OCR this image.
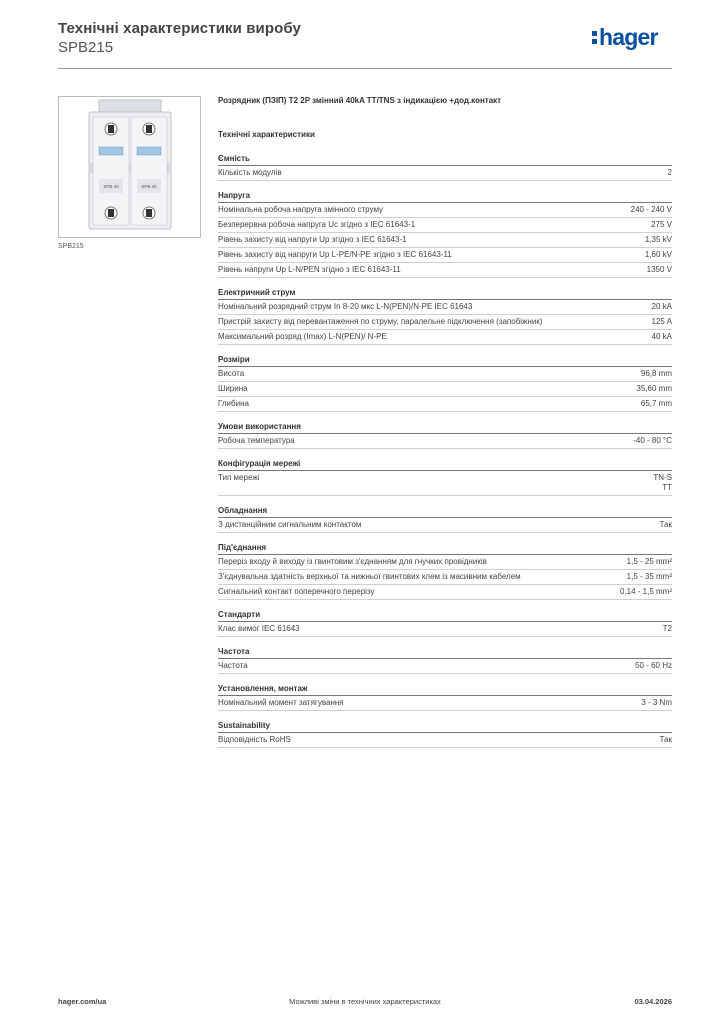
Технічні характеристики виробу
SPB215	hager
SPB 40	SPB 40
SPB215
Розрядник (ПЗІП) Т2 2P змінний 40kA TT/TNS з індикацією +дод.контакт
Технічні характеристики
Ємність
Кількість модулів	2
Напруга
Номінальна робоча напруга змінного струму	240 - 240 V
Безперервна робоча напруга Uc згідно з IEC 61643-1	275 V
Рівень захисту від напруги Up згідно з IEC 61643-1	1,35 kV
Рівень захисту від напруги Up L-PE/N-PE згідно з IEC 61643-11	1,60 kV
Рівень напруги Up L-N/PEN згідно з IEC 61643-11	1350 V
Електричний струм
Номінальний розрядний струм In 8-20 мкс L-N(PEN)/N-PE IEC 61643	20 kA
Пристрій захисту від перевантаження по струму, паралельне підключення (запобіжник)	125 A
Максимальний розряд (Imax) L-N(PEN)/ N-PE	40 kA
Розміри
Висота	96,8 mm
Ширина	35,60 mm
Глибина	65,7 mm
Умови використання
Робоча температура	-40 - 80 °C
Конфігурація мережі
Тип мережі	TN-S
TT
Обладнання
З дистанційним сигнальним контактом	Так
Під'єднання
Переріз входу й виходу із гвинтовим з'єднанням для гнучких провідників	1,5 - 25 mm²
З'єднувальна здатність верхньої та нижньої гвинтових клем із масивним кабелем	1,5 - 35 mm²
Сигнальний контакт поперечного перерізу	0,14 - 1,5 mm²
Стандарти
Клас вимог IEC 61643	T2
Частота
Частота	50 - 60 Hz
Установлення, монтаж
Номінальний момент затягування	3 - 3 Nm
Sustainability
Відповідність RoHS	Так
hager.com/ua	Можливі зміни в технічних характеристиках	03.04.2026
